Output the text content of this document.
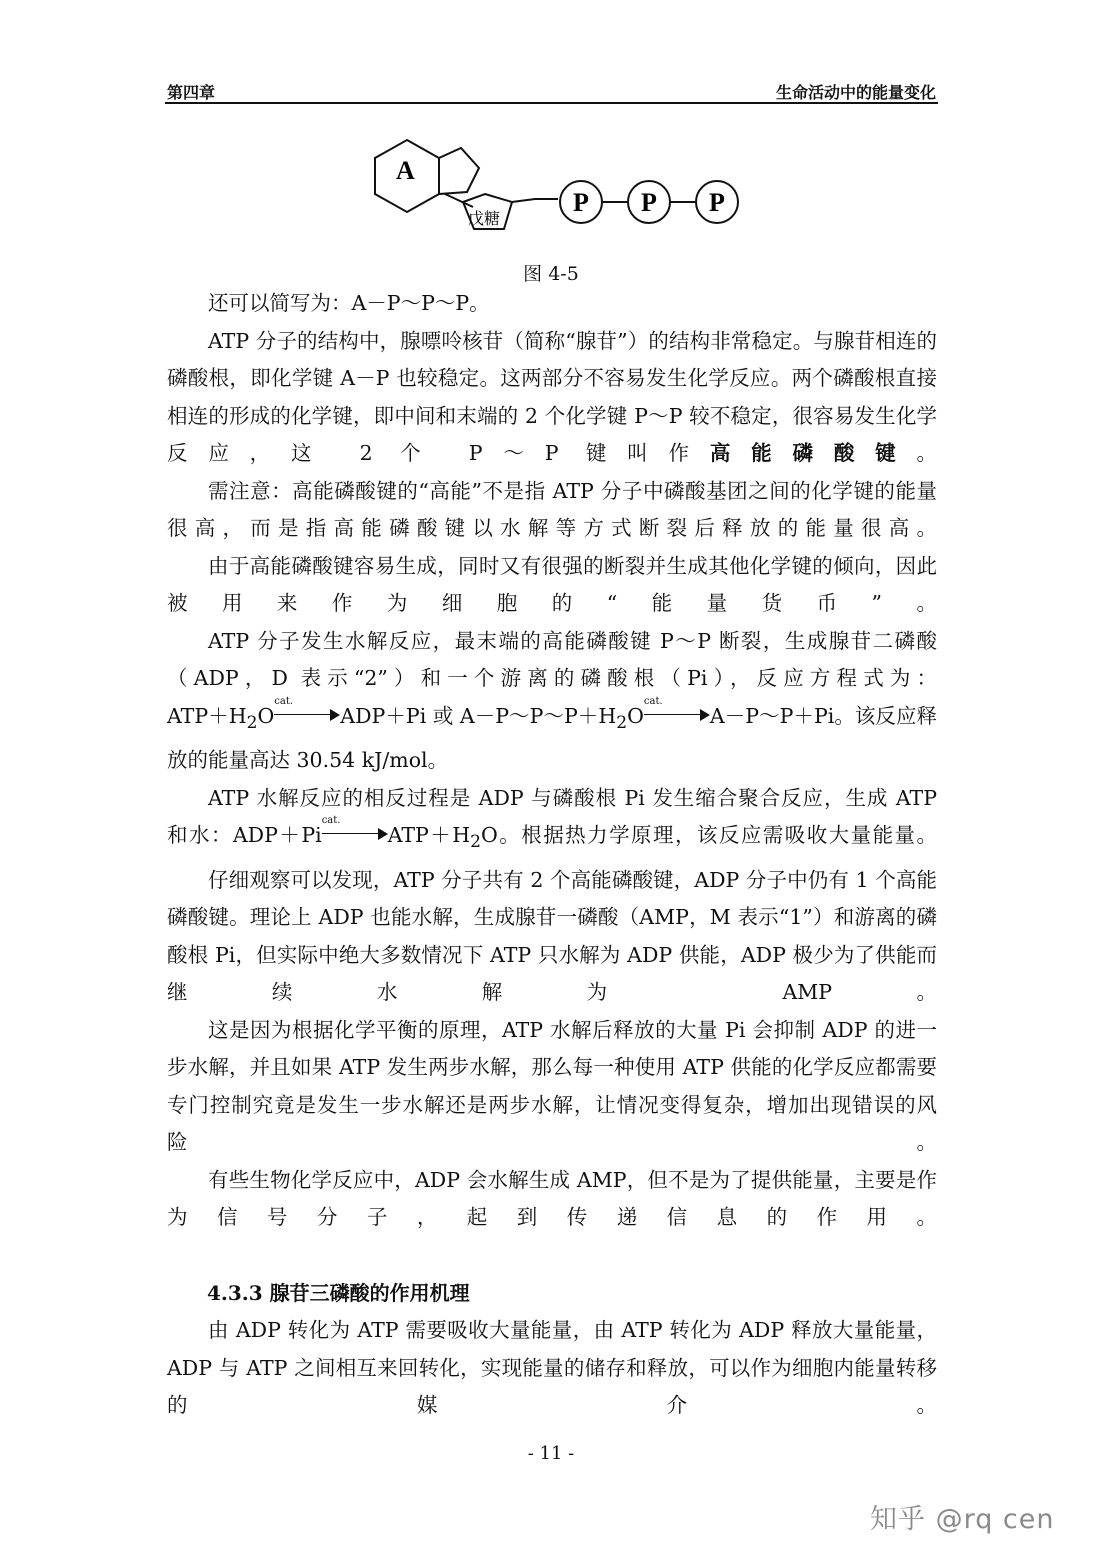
第四章	生命活动中的能量变化
A
戊糖
P P P
图 4-5

还可以简写为：A－P～P～P。

ATP 分子的结构中，腺嘌呤核苷（简称“腺苷”）的结构非常稳定。与腺苷相连的磷酸根，即化学键 A－P 也较稳定。这两部分不容易发生化学反应。两个磷酸根直接相连的形成的化学键，即中间和末端的 2 个化学键 P～P 较不稳定，很容易发生化学反应，这 2 个 P～P 键叫作高能磷酸键。

需注意：高能磷酸键的“高能”不是指 ATP 分子中磷酸基团之间的化学键的能量很高，而是指高能磷酸键以水解等方式断裂后释放的能量很高。

由于高能磷酸键容易生成，同时又有很强的断裂并生成其他化学键的倾向，因此被用来作为细胞的“能量货币”。

ATP 分子发生水解反应，最末端的高能磷酸键 P～P 断裂，生成腺苷二磷酸

（ADP，D 表示“2”）和一个游离的磷酸根（Pi），反应方程式为：

$ATP+H_2O$
cat.
ADP＋Pi 或 $A-P\sim P\sim P+H_2O$
cat.
A－P～P＋Pi。该反应释

放的能量高达 30.54 kJ/mol。

ATP 水解反应的相反过程是 ADP 与磷酸根 Pi 发生缩合聚合反应，生成 ATP

和水：ADP＋Pi
cat.
$ATP+H_2O$。根据热力学原理，该反应需吸收大量能量。

仔细观察可以发现，ATP 分子共有 2 个高能磷酸键，ADP 分子中仍有 1 个高能磷酸键。理论上 ADP 也能水解，生成腺苷一磷酸（AMP，M 表示“1”）和游离的磷酸根 Pi，但实际中绝大多数情况下 ATP 只水解为 ADP 供能，ADP 极少为了供能而继续水解为 AMP。

这是因为根据化学平衡的原理，ATP 水解后释放的大量 Pi 会抑制 ADP 的进一步水解，并且如果 ATP 发生两步水解，那么每一种使用 ATP 供能的化学反应都需要专门控制究竟是发生一步水解还是两步水解，让情况变得复杂，增加出现错误的风险。

有些生物化学反应中，ADP 会水解生成 AMP，但不是为了提供能量，主要是作为信号分子，起到传递信息的作用。

4.3.3 腺苷三磷酸的作用机理

由 ADP 转化为 ATP 需要吸收大量能量，由 ATP 转化为 ADP 释放大量能量，ADP 与 ATP 之间相互来回转化，实现能量的储存和释放，可以作为细胞内能量转移的媒介。

- 11 -
知乎 @rq cen
